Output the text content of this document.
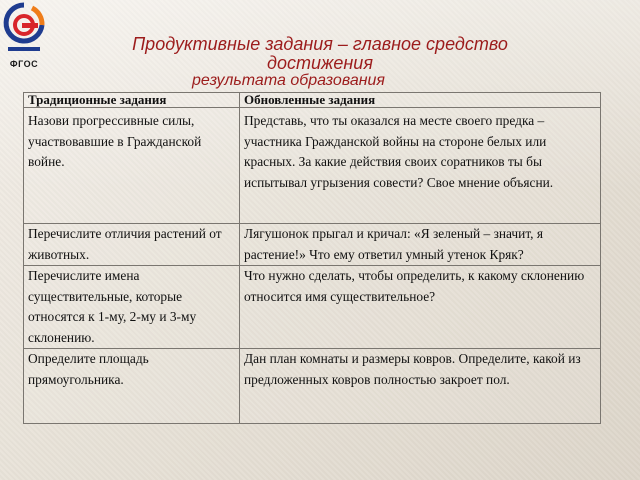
ФГОС
Продуктивные задания – главное средство
достижения
результата образования
Традиционные задания	Обновленные задания
Назови прогрессивные силы, участвовавшие в Гражданской войне.	Представь, что ты оказался на месте своего предка – участника Гражданской войны на стороне белых или красных. За какие действия своих соратников ты бы испытывал угрызения совести? Свое мнение объясни.
Перечислите отличия растений от животных.	Лягушонок прыгал и кричал: «Я зеленый – значит, я растение!» Что ему ответил умный утенок Кряк?
Перечислите имена существительные, которые относятся к 1-му, 2-му и 3-му склонению.	Что нужно сделать, чтобы определить, к какому склонению относится имя существительное?
Определите площадь прямоугольника.	Дан план комнаты и размеры ковров. Определите, какой из предложенных ковров полностью закроет пол.
